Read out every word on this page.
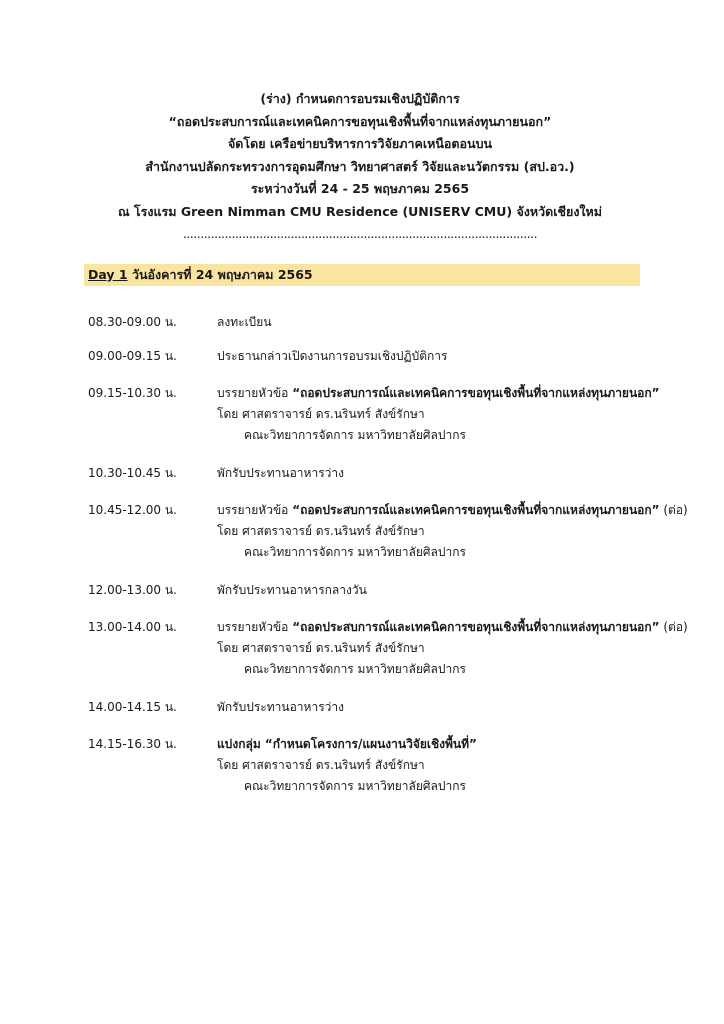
(ร่าง) กำหนดการอบรมเชิงปฏิบัติการ
“ถอดประสบการณ์และเทคนิคการขอทุนเชิงพื้นที่จากแหล่งทุนภายนอก”
จัดโดย เครือข่ายบริหารการวิจัยภาคเหนือตอนบน
สำนักงานปลัดกระทรวงการอุดมศึกษา วิทยาศาสตร์ วิจัยและนวัตกรรม (สป.อว.)
ระหว่างวันที่ 24 - 25 พฤษภาคม 2565
ณ โรงแรม Green Nimman CMU Residence (UNISERV CMU) จังหวัดเชียงใหม่
......................................................................................................
Day 1 วันอังคารที่ 24 พฤษภาคม 2565
08.30-09.00 น.	ลงทะเบียน
09.00-09.15 น.	ประธานกล่าวเปิดงานการอบรมเชิงปฏิบัติการ
09.15-10.30 น.	บรรยายหัวข้อ “ถอดประสบการณ์และเทคนิคการขอทุนเชิงพื้นที่จากแหล่งทุนภายนอก”
โดย ศาสตราจารย์ ดร.นรินทร์ สังข์รักษา
คณะวิทยาการจัดการ มหาวิทยาลัยศิลปากร
10.30-10.45 น.	พักรับประทานอาหารว่าง
10.45-12.00 น.	บรรยายหัวข้อ “ถอดประสบการณ์และเทคนิคการขอทุนเชิงพื้นที่จากแหล่งทุนภายนอก” (ต่อ)
โดย ศาสตราจารย์ ดร.นรินทร์ สังข์รักษา
คณะวิทยาการจัดการ มหาวิทยาลัยศิลปากร
12.00-13.00 น.	พักรับประทานอาหารกลางวัน
13.00-14.00 น.	บรรยายหัวข้อ “ถอดประสบการณ์และเทคนิคการขอทุนเชิงพื้นที่จากแหล่งทุนภายนอก” (ต่อ)
โดย ศาสตราจารย์ ดร.นรินทร์ สังข์รักษา
คณะวิทยาการจัดการ มหาวิทยาลัยศิลปากร
14.00-14.15 น.	พักรับประทานอาหารว่าง
14.15-16.30 น.	แบ่งกลุ่ม “กำหนดโครงการ/แผนงานวิจัยเชิงพื้นที่”
โดย ศาสตราจารย์ ดร.นรินทร์ สังข์รักษา
คณะวิทยาการจัดการ มหาวิทยาลัยศิลปากร
